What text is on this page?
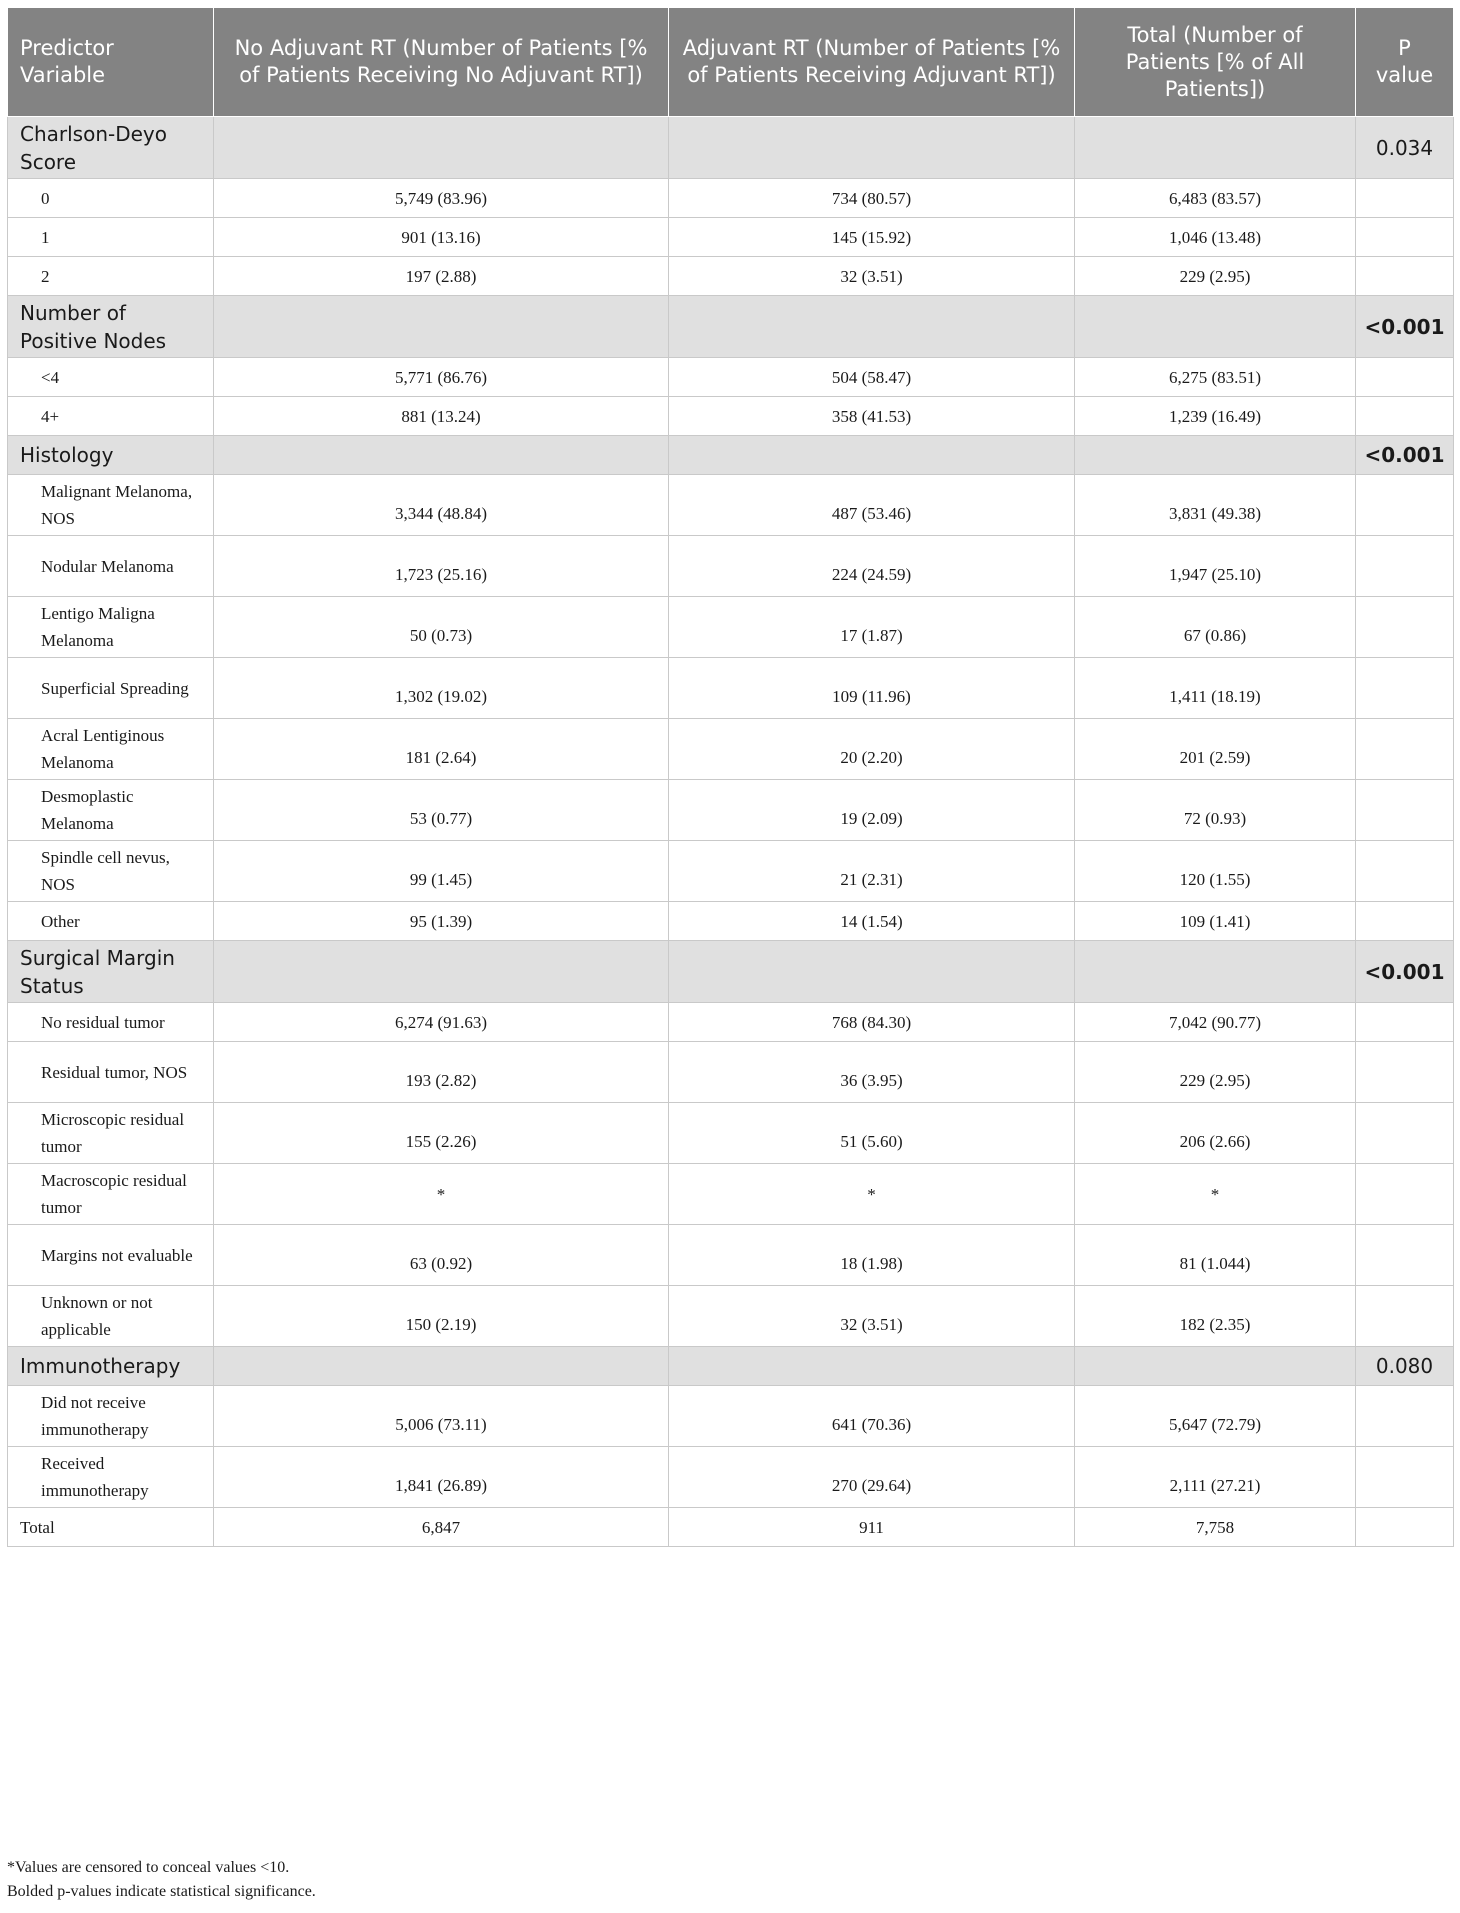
Predictor Variable	No Adjuvant RT (Number of Patients [% of Patients Receiving No Adjuvant RT])	Adjuvant RT (Number of Patients [% of Patients Receiving Adjuvant RT])	Total (Number of Patients [% of All Patients])	P value
Charlson-Deyo Score				0.034
0	5,749 (83.96)	734 (80.57)	6,483 (83.57)	
1	901 (13.16)	145 (15.92)	1,046 (13.48)	
2	197 (2.88)	32 (3.51)	229 (2.95)	
Number of Positive Nodes				<0.001
<4	5,771 (86.76)	504 (58.47)	6,275 (83.51)	
4+	881 (13.24)	358 (41.53)	1,239 (16.49)	
Histology				<0.001
Malignant Melanoma, NOS	3,344 (48.84)	487 (53.46)	3,831 (49.38)	
Nodular Melanoma	1,723 (25.16)	224 (24.59)	1,947 (25.10)	
Lentigo Maligna Melanoma	50 (0.73)	17 (1.87)	67 (0.86)	
Superficial Spreading	1,302 (19.02)	109 (11.96)	1,411 (18.19)	
Acral Lentiginous Melanoma	181 (2.64)	20 (2.20)	201 (2.59)	
Desmoplastic Melanoma	53 (0.77)	19 (2.09)	72 (0.93)	
Spindle cell nevus, NOS	99 (1.45)	21 (2.31)	120 (1.55)	
Other	95 (1.39)	14 (1.54)	109 (1.41)	
Surgical Margin Status				<0.001
No residual tumor	6,274 (91.63)	768 (84.30)	7,042 (90.77)	
Residual tumor, NOS	193 (2.82)	36 (3.95)	229 (2.95)	
Microscopic residual tumor	155 (2.26)	51 (5.60)	206 (2.66)	
Macroscopic residual tumor	*	*	*	
Margins not evaluable	63 (0.92)	18 (1.98)	81 (1.044)	
Unknown or not applicable	150 (2.19)	32 (3.51)	182 (2.35)	
Immunotherapy				0.080
Did not receive immunotherapy	5,006 (73.11)	641 (70.36)	5,647 (72.79)	
Received immunotherapy	1,841 (26.89)	270 (29.64)	2,111 (27.21)	
Total	6,847	911	7,758	
*Values are censored to conceal values <10.
Bolded p-values indicate statistical significance.
